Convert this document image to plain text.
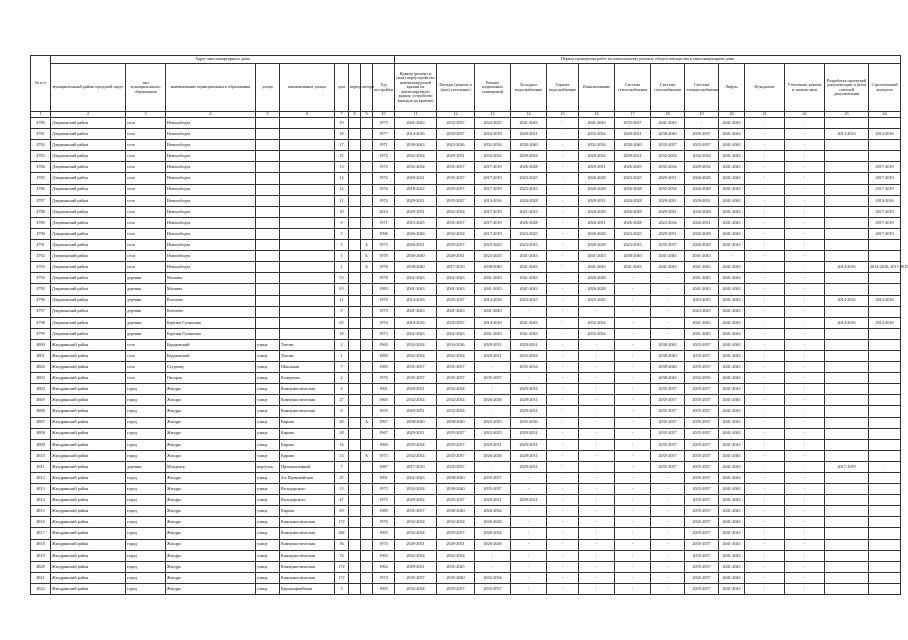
№ п/п	Адрес многоквартирного дома									Период проведения работ по капитальному ремонту общего имущества в многоквартирном доме													
	муниципальный район/городской округ	тип муниципального образования	наименование муниципального образования	улица	наименование улицы	дом	корпус	литера	Год постройки	Крыши (ремонт и (или) переустройство невентилируемой крыши на вентилируемую крышу, устройство выходов на кровлю)	Фасады (ремонт и (или) утепление)	Ремонт подвальных помещений	Холодное водоснабжение	Горячее водоснабжение	Канализование	Система теплоснабжения	Система газоснабжения	Система электроснабжения	Лифты	Фундамент	Утепление, ремонт и замена окон	Разработка проектной документации и (или) сметной документации	Строительный контроль
1	2	3	4	5	6	7	8	9	10	11	12	13	14	15	16	17	18	19	20	21	22	23	24
4780	Дзержинский район	село	Новоалбодея			19			1975	2041-2043	2032-2037	2024-2025	2041-2043	-	2041-2043	2035-2037	2041-2043	-	2041-2043	-	-		
4781	Дзержинский район	село	Новоалбодея			18			1977	2014-2016	2035-2037	2016-2018	2029-2031	-	2032-2034	2029-2031	2038-2040	2035-2037	2041-2043	-	-	2014-2016	2014-2016
4782	Дзержинский район	село	Новоалбодея			17			1971	2038-2043	2023-2026	2032-2034	2038-2040	-	2032-2034	2038-2040	2035-2037	2035-2037	2041-2043	-	-		
4783	Дзержинский район	село	Новоалбодея			15			1972	2032-2034	2029-2031	2032-2034	2029-2034	-	2029-2034	2029-2031	2032-2034	2032-2034	2041-2043	-	-		
4784	Дзержинский район	село	Новоалбодея			13			1972	2032-2034	2035-2037	2017-2019	2026-2028	-	2029-2031	2026-2029	2032-2034	2029-2034	2041-2043	-	-		2017-2019
4785	Дзержинский район	село	Новоалбодея			12			1972	2029-2031	2035-2037	2017-2019	2023-2025	-	2026-2028	2023-2025	2029-2031	2026-2028	2041-2043	-	-		2017-2019
4786	Дзержинский район	село	Новоалбодея			12			1976	2018-2022	2035-2037	2017-2019	2023-2025	-	2026-2028	2026-2028	2032-2034	2026-2028	2041-2043	-	-		2017-2019
4787	Дзержинский район	село	Новоалбодея			11			1974	2029-2031	2035-2037	2014-2016	2026-2028	-	2029-2031	2026-2028	2029-2031	2029-2031	2041-2043	-	-		2014-2016
4788	Дзержинский район	село	Новоалбодея			10			2014	2029-2031	2032-2034	2017-2019	2021-2023	-	2026-2028	2026-2028	2029-2031	2026-2028	2041-2043	-	-		2017-2019
4789	Дзержинский район	село	Новоалбодея			9			1971	2023-2025	2035-2037	2017-2019	2026-2028	-	2026-2031	2026-2028	2023-2034	2026-2031	2041-2043	-	-		2017-2019
4790	Дзержинский район	село	Новоалбодея			5			1996	2026-2046	2032-2034	2017-2019	2023-2025	-	2026-2028	2023-2025	2029-2031	2026-2028	2041-2043	-	-		2017-2019
4791	Дзержинский район	село	Новоалбодея			5		А	1975	2026-2031	2035-2037	2023-2025	2023-2025	-	2026-2028	2023-2025	2035-2037	2026-2028	2041-2043	-	-		
4792	Дзержинский район	село	Новоалбодея			1		Б	1978	2038-2040	2029-2031	2023-2025	2041-2043	-	2041-2043	2038-2040	2041-2043	2041-2043	-	-	-		
4793	Дзержинский район	село	Новоалбодея			1		А	1976	2038-2040	2017-2019	2038-2040	2041-2043	-	2041-2043	2041-2043	2041-2043	2041-2043	2041-2043	-	-	2014-2016	2014-2016, 2017-2019
4794	Дзержинский район	деревня	Малаева			53			1978	2041-2043	2041-2043	2041-2043	2041-2043	-	2026-2028	-	-	2041-2043	2041-2043	-	-		
4795	Дзержинский район	деревня	Малаева			65			1983	2041-2043	2041-2043	2041-2043	2041-2043	-	2026-2028	-	-	2041-2043	2041-2043	-	-		
4796	Дзержинский район	деревня	Котелево			11			1970	2014-2016	2035-2037	2014-2016	2023-2025	-	2023-2025	-	-	2023-2025	2041-2043	-	-	2014-2016	2014-2016
4797	Дзержинский район	деревня	Котелево			9			1970	2041-2043	2041-2043	2041-2043	-	-	-	-	-	2023-2025	2041-2043	-	-		
4798	Дзержинский район	деревня	Берёзки Гулышино			65			1974	2014-2016	2035-2037	2014-2016	2041-2043	-	2032-2034	-	-	2041-2043	2041-2043	-	-	2014-2016	2014-2016
4799	Дзержинский район	деревня	Берёзки Гулышино			18			1973	2041-2043	2041-2043	2041-2043	2041-2043	-	2032-2034	-	-	2041-2043	2041-2043	-	-		
4800	Жиздринский район	село	Бердяевский	улица	Титова	2			1965	2032-2034	2034-2036	2029-2031	2029-2031	-	-	-	2038-2043	2035-2037	2041-2043	-	-		
4801	Жиздринский район	село	Бердяевский	улица	Титова	1			1985	2032-2034	2032-2034	2029-2031	2032-2034	-	-	-	2038-2040	2035-2037	2041-2043	-	-		
4802	Жиздринский район	село	Студенец	улица	Школьная	7			1983	2035-2037	2035-2037	-	2035-2034	-	-	-	2038-2040	2035-2037	2041-2043	-	-		
4803	Жиздринский район	село	Овсорок	улица	Кочергина	2			1976	2035-2037	2035-2037	2035-2037	-	-	-	-	2038-2043	2032-2035	2041-2043	-	-		
4804	Жиздринский район	город	Жиздра	улица	Коммунистическая	6			1961	2029-2031	2032-2034	-	2029-2034	-	-	-	2035-2037	2035-2037	2041-2043	-	-		
4805	Жиздринский район	город	Жиздра	улица	Коммунистическая	27			1965	2032-2034	2032-2034	2026-2028	2029-2031	-	-	-	2035-2037	2035-2037	2041-2043	-	-		
4806	Жиздринский район	город	Жиздра	улица	Коммунистическая	6			1955	2029-2031	2032-2034	-	2029-2031	-	-	-	2035-2037	2035-2037	2041-2043	-	-		
4807	Жиздринский район	город	Жиздра	улица	Кирова	48		А	1967	2038-2040	2038-2040	2023-2025	2035-2036	-	-	-	2035-2037	2035-2037	2041-2043	-	-		
4808	Жиздринский район	город	Жиздра	улица	Кирова	28			1967	2029-2031	2035-2037	2023-2025	2029-2031	-	-	-	2035-2037	2035-2037	2041-2043	-	-		
4809	Жиздринский район	город	Жиздра	улица	Кирова	16			1960	2035-2034	2035-2037	2029-2031	2029-2031	-	-	-	2035-2037	2035-2037	2041-2043	-	-		
4810	Жиздринский район	город	Жиздра	улица	Кирова	13		А	1973	2032-2034	2035-2037	2026-2028	2029-2031	-	-	-	2035-2037	2035-2037	2041-2043	-	-		
4811	Жиздринский район	деревня	Младенск	переулок	Промышленный	7			1987	2017-2019	2035-2037	-	2029-2031	-	-	-	2035-2037	2035-2037	2041-2043	-	-	2017-2019	-
4812	Жиздринский район	город	Жиздра	улица	2-я Первомайская	25			1991	2041-2043	2038-2040	2035-2037	-	-	-	-	-	2035-2037	2041-2043	-	-		
4813	Жиздринский район	город	Жиздра	улица	Володарского	13			1975	2032-2034	2038-2040	2035-2037	-	-	-	-	-	2035-2037	2041-2043	-	-		
4814	Жиздринский район	город	Жиздра	улица	Володарского	47			1975	2029-2032	2035-2037	2029-2031	2029-2031	-	-	-	-	2035-2037	2041-2043	-	-		
4815	Жиздринский район	город	Жиздра	улица	Кирова	29			1985	2035-2037	2038-2040	2026-2034	-	-	-	-	-	2035-2037	2041-2043	-	-		
4816	Жиздринский район	город	Жиздра	улица	Коммунистическая	172			1976	2032-2034	2032-2034	2026-2028	-	-	-	-	-	2035-2037	2041-2043	-	-		
4817	Жиздринский район	город	Жиздра	улица	Коммунистическая	384			1965	2032-2034	2035-2037	2026-2034	-	-	-	-	-	2035-2037	2041-2043	-	-		
4818	Жиздринский район	город	Жиздра	улица	Коммунистическая	36			1974	2029-2031	2029-2031	2026-2028	-	-	-	-	-	2035-2037	2041-2043	-	-		
4819	Жиздринский район	город	Жиздра	улица	Коммунистическая	74			1965	2032-2034	2032-2034	-	-	-	-	-	-	2035-2037	2041-2043	-	-		
4820	Жиздринский район	город	Жиздра	улица	Коммунистическая	172			1964	2029-2031	2035-2045	-	-	-	-	-	-	2035-2037	2041-2043	-	-		
4821	Жиздринский район	город	Жиздра	улица	Коммунистическая	172			1974	2035-2037	2035-2040	2032-2034	-	-	-	-	-	2035-2037	2041-2043	-	-		
4822	Жиздринский район	город	Жиздра	улица	Красноармейская	3			1965	2032-2034	2035-2037	2035-2037	-	-	-	-	-	2035-2037	2041-2043	-	-		
